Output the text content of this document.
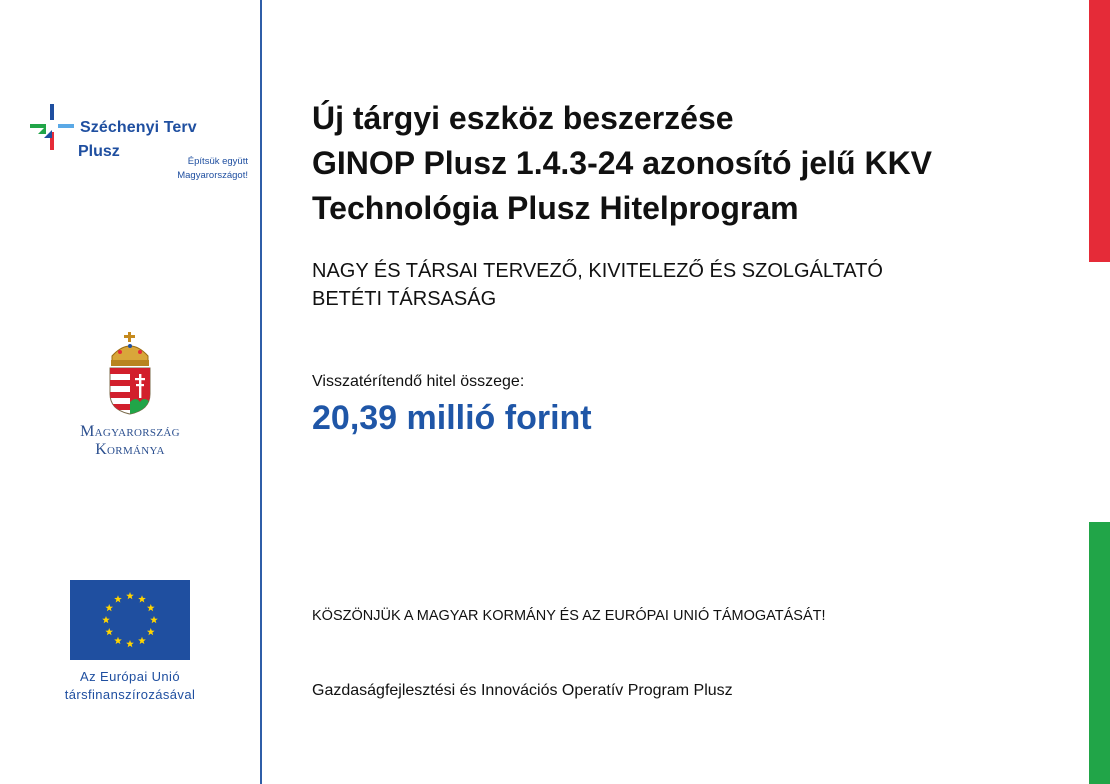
Széchenyi Terv
Plusz
Építsük együtt
Magyarországot!
Magyarország
Kormánya
Az Európai Unió
társfinanszírozásával
Új tárgyi eszköz beszerzése
GINOP Plusz 1.4.3-24 azonosító jelű KKV
Technológia Plusz Hitelprogram
NAGY ÉS TÁRSAI TERVEZŐ, KIVITELEZŐ ÉS SZOLGÁLTATÓ
BETÉTI TÁRSASÁG
Visszatérítendő hitel összege:
20,39 millió forint
KÖSZÖNJÜK A MAGYAR KORMÁNY ÉS AZ EURÓPAI UNIÓ TÁMOGATÁSÁT!
Gazdaságfejlesztési és Innovációs Operatív Program Plusz
